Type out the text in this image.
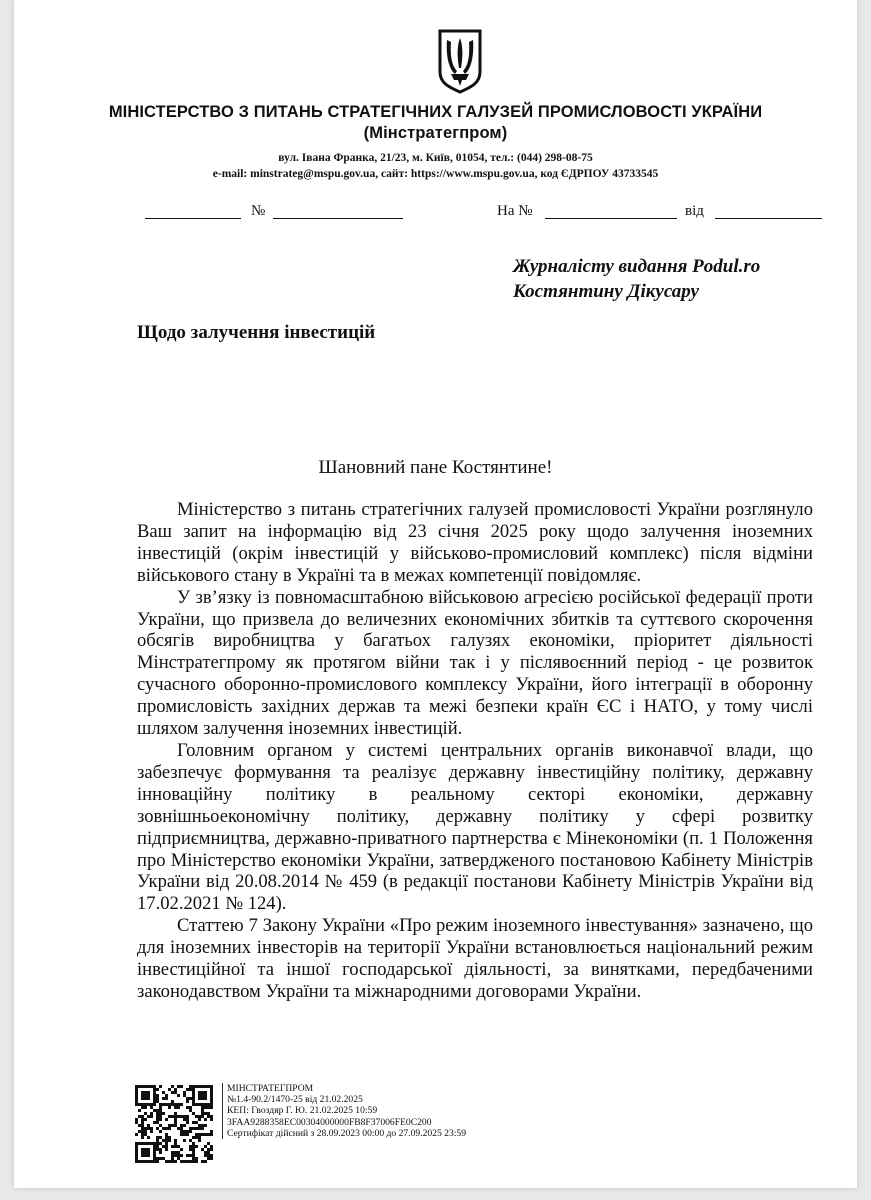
МІНІСТЕРСТВО З ПИТАНЬ СТРАТЕГІЧНИХ ГАЛУЗЕЙ ПРОМИСЛОВОСТІ УКРАЇНИ
(Мінстратегпром)
вул. Івана Франка, 21/23, м. Київ, 01054, тел.: (044) 298-08-75
e-mail: minstrateg@mspu.gov.ua, сайт: https://www.mspu.gov.ua, код ЄДРПОУ 43733545
№	На №	від
Журналісту видання Podul.ro
Костянтину Дікусару
Щодо залучення інвестицій
Шановний пане Костянтине!

Міністерство з питань стратегічних галузей промисловості України розглянуло Ваш запит на інформацію від 23 січня 2025 року щодо залучення іноземних інвестицій (окрім інвестицій у військово-промисловий комплекс) після відміни військового стану в Україні та в межах компетенції повідомляє.

У зв’язку із повномасштабною військовою агресією російської федерації проти України, що призвела до величезних економічних збитків та суттєвого скорочення обсягів виробництва у багатьох галузях економіки, пріоритет діяльності Мінстратегпрому як протягом війни так і у післявоєнний період - це розвиток сучасного оборонно-промислового комплексу України, його інтеграції в оборонну промисловість західних держав та межі безпеки країн ЄС і НАТО, у тому числі шляхом залучення іноземних інвестицій.

Головним органом у системі центральних органів виконавчої влади, що забезпечує формування та реалізує державну інвестиційну політику, державну інноваційну політику в реальному секторі економіки, державну зовнішньоекономічну політику, державну політику у сфері розвитку підприємництва, державно-приватного партнерства є Мінекономіки (п. 1 Положення про Міністерство економіки України, затвердженого постановою Кабінету Міністрів України від 20.08.2014 № 459 (в редакції постанови Кабінету Міністрів України від 17.02.2021 № 124).

Статтею 7 Закону України «Про режим іноземного інвестування» зазначено, що для іноземних інвесторів на території України встановлюється національний режим інвестиційної та іншої господарської діяльності, за винятками, передбаченими законодавством України та міжнародними договорами України.

МІНСТРАТЕГПРОМ
№1.4-90.2/1470-25 від 21.02.2025
КЕП: Гвоздяр Г. Ю. 21.02.2025 10:59
3FAA9288358EC00304000000FB8F37006FE0C200
Сертифікат дійсний з 28.09.2023 00:00 до 27.09.2025 23:59
